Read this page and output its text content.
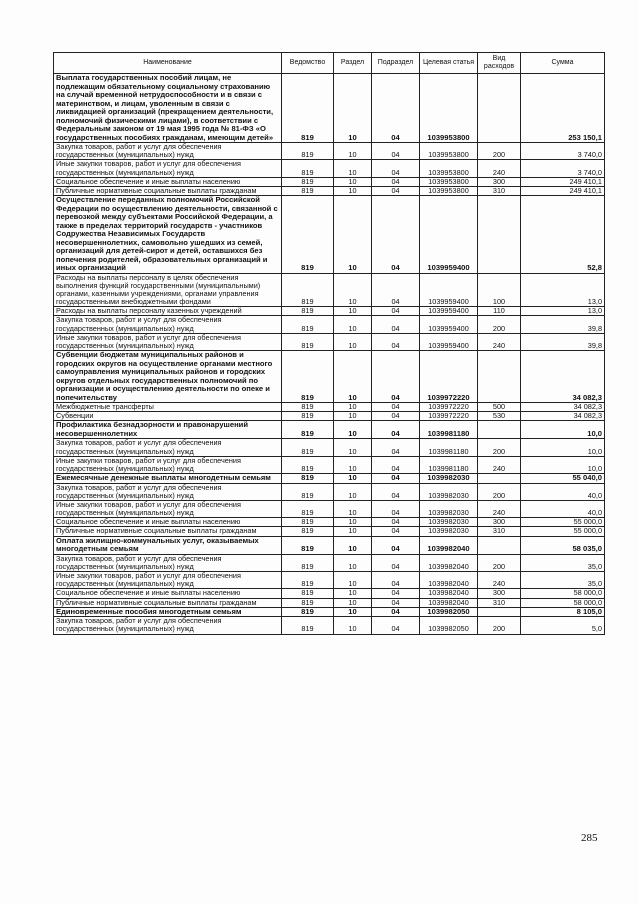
Наименование	Ведомство	Раздел	Подраздел	Целевая статья	Вид расходов	Сумма
Выплата государственных пособий лицам, не подлежащим обязательному социальному страхованию на случай временной нетрудоспособности и в связи с материнством, и лицам, уволенным в связи с ликвидацией организаций (прекращением деятельности, полномочий физическими лицами), в соответствии с Федеральным законом от 19 мая 1995 года № 81-ФЗ «О государственных пособиях гражданам, имеющим детей»	819	10	04	1039953800		253 150,1
Закупка товаров, работ и услуг для обеспечения государственных (муниципальных) нужд	819	10	04	1039953800	200	3 740,0
Иные закупки товаров, работ и услуг для обеспечения государственных (муниципальных) нужд	819	10	04	1039953800	240	3 740,0
Социальное обеспечение и иные выплаты населению	819	10	04	1039953800	300	249 410,1
Публичные нормативные социальные выплаты гражданам	819	10	04	1039953800	310	249 410,1
Осуществление переданных полномочий Российской Федерации по осуществлению деятельности, связанной с перевозкой между субъектами Российской Федерации, а также в пределах территорий государств - участников Содружества Независимых Государств несовершеннолетних, самовольно ушедших из семей, организаций для детей-сирот и детей, оставшихся без попечения родителей, образовательных организаций и иных организаций	819	10	04	1039959400		52,8
Расходы на выплаты персоналу в целях обеспечения выполнения функций государственными (муниципальными) органами, казенными учреждениями, органами управления государственными внебюджетными фондами	819	10	04	1039959400	100	13,0
Расходы на выплаты персоналу казенных учреждений	819	10	04	1039959400	110	13,0
Закупка товаров, работ и услуг для обеспечения государственных (муниципальных) нужд	819	10	04	1039959400	200	39,8
Иные закупки товаров, работ и услуг для обеспечения государственных (муниципальных) нужд	819	10	04	1039959400	240	39,8
Субвенции бюджетам муниципальных районов и городских округов на осуществление органами местного самоуправления муниципальных районов и городских округов отдельных государственных полномочий по организации и осуществлению деятельности по опеке и попечительству	819	10	04	1039972220		34 082,3
Межбюджетные трансферты	819	10	04	1039972220	500	34 082,3
Субвенции	819	10	04	1039972220	530	34 082,3
Профилактика безнадзорности и правонарушений несовершеннолетних	819	10	04	1039981180		10,0
Закупка товаров, работ и услуг для обеспечения государственных (муниципальных) нужд	819	10	04	1039981180	200	10,0
Иные закупки товаров, работ и услуг для обеспечения государственных (муниципальных) нужд	819	10	04	1039981180	240	10,0
Ежемесячные денежные выплаты многодетным семьям	819	10	04	1039982030		55 040,0
Закупка товаров, работ и услуг для обеспечения государственных (муниципальных) нужд	819	10	04	1039982030	200	40,0
Иные закупки товаров, работ и услуг для обеспечения государственных (муниципальных) нужд	819	10	04	1039982030	240	40,0
Социальное обеспечение и иные выплаты населению	819	10	04	1039982030	300	55 000,0
Публичные нормативные социальные выплаты гражданам	819	10	04	1039982030	310	55 000,0
Оплата жилищно-коммунальных услуг, оказываемых многодетным семьям	819	10	04	1039982040		58 035,0
Закупка товаров, работ и услуг для обеспечения государственных (муниципальных) нужд	819	10	04	1039982040	200	35,0
Иные закупки товаров, работ и услуг для обеспечения государственных (муниципальных) нужд	819	10	04	1039982040	240	35,0
Социальное обеспечение и иные выплаты населению	819	10	04	1039982040	300	58 000,0
Публичные нормативные социальные выплаты гражданам	819	10	04	1039982040	310	58 000,0
Единовременные пособия многодетным семьям	819	10	04	1039982050		8 105,0
Закупка товаров, работ и услуг для обеспечения государственных (муниципальных) нужд	819	10	04	1039982050	200	5,0
285
